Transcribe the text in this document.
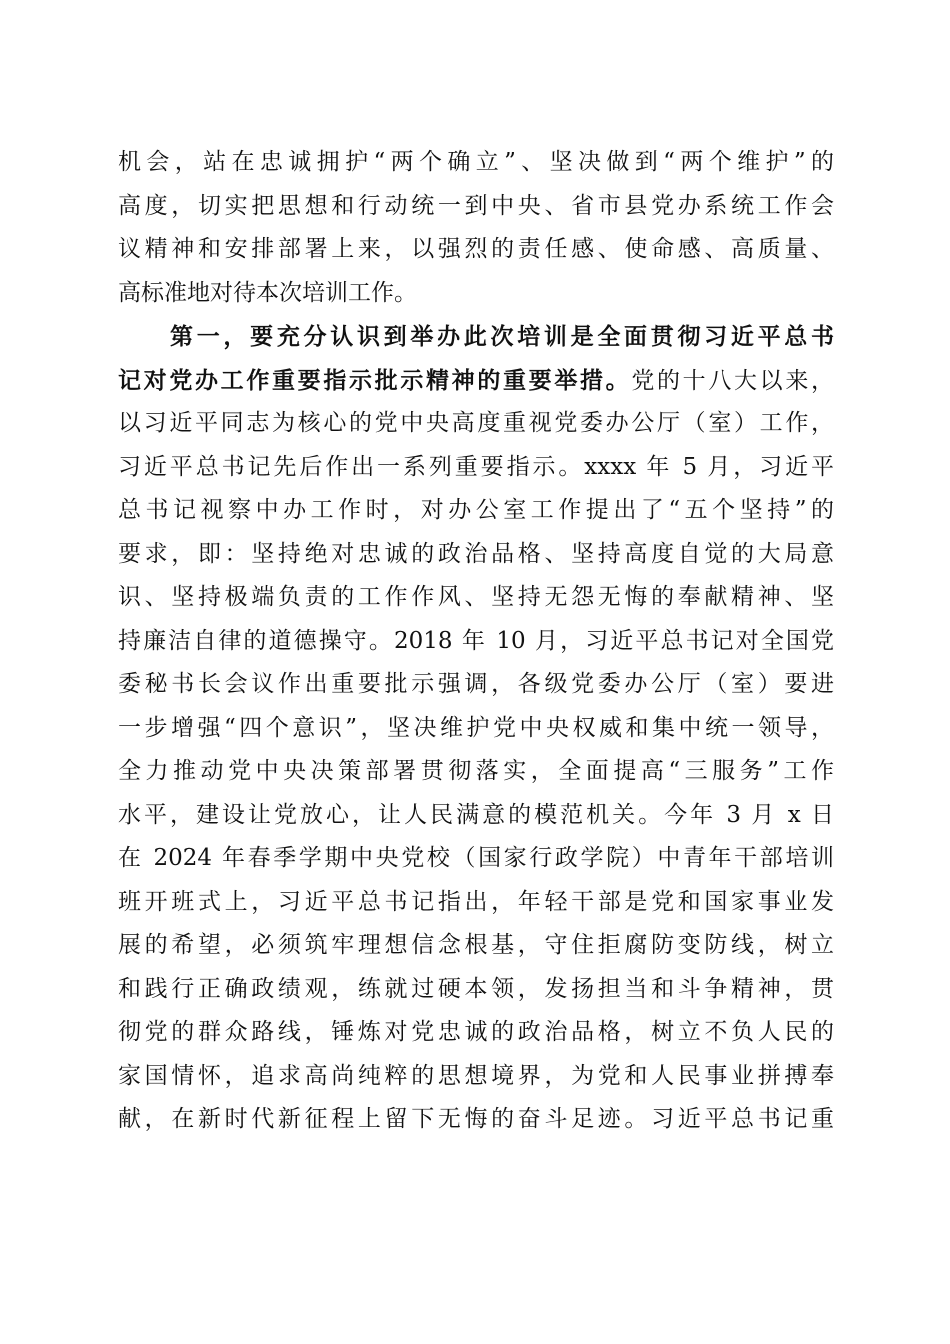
机会，站在忠诚拥护“两个确立”、坚决做到“两个维护”的
高度，切实把思想和行动统一到中央、省市县党办系统工作会
议精神和安排部署上来，以强烈的责任感、使命感、高质量、
高标准地对待本次培训工作。
第一，要充分认识到举办此次培训是全面贯彻习近平总书
记对党办工作重要指示批示精神的重要举措。党的十八大以来，
以习近平同志为核心的党中央高度重视党委办公厅（室）工作，
习近平总书记先后作出一系列重要指示。xxxx 年 5 月，习近平
总书记视察中办工作时，对办公室工作提出了“五个坚持”的
要求，即：坚持绝对忠诚的政治品格、坚持高度自觉的大局意
识、坚持极端负责的工作作风、坚持无怨无悔的奉献精神、坚
持廉洁自律的道德操守。2018 年 10 月，习近平总书记对全国党
委秘书长会议作出重要批示强调，各级党委办公厅（室）要进
一步增强“四个意识”，坚决维护党中央权威和集中统一领导，
全力推动党中央决策部署贯彻落实，全面提高“三服务”工作
水平，建设让党放心，让人民满意的模范机关。今年 3 月 x 日
在 2024 年春季学期中央党校（国家行政学院）中青年干部培训
班开班式上，习近平总书记指出，年轻干部是党和国家事业发
展的希望，必须筑牢理想信念根基，守住拒腐防变防线，树立
和践行正确政绩观，练就过硬本领，发扬担当和斗争精神，贯
彻党的群众路线，锤炼对党忠诚的政治品格，树立不负人民的
家国情怀，追求高尚纯粹的思想境界，为党和人民事业拼搏奉
献，在新时代新征程上留下无悔的奋斗足迹。习近平总书记重
